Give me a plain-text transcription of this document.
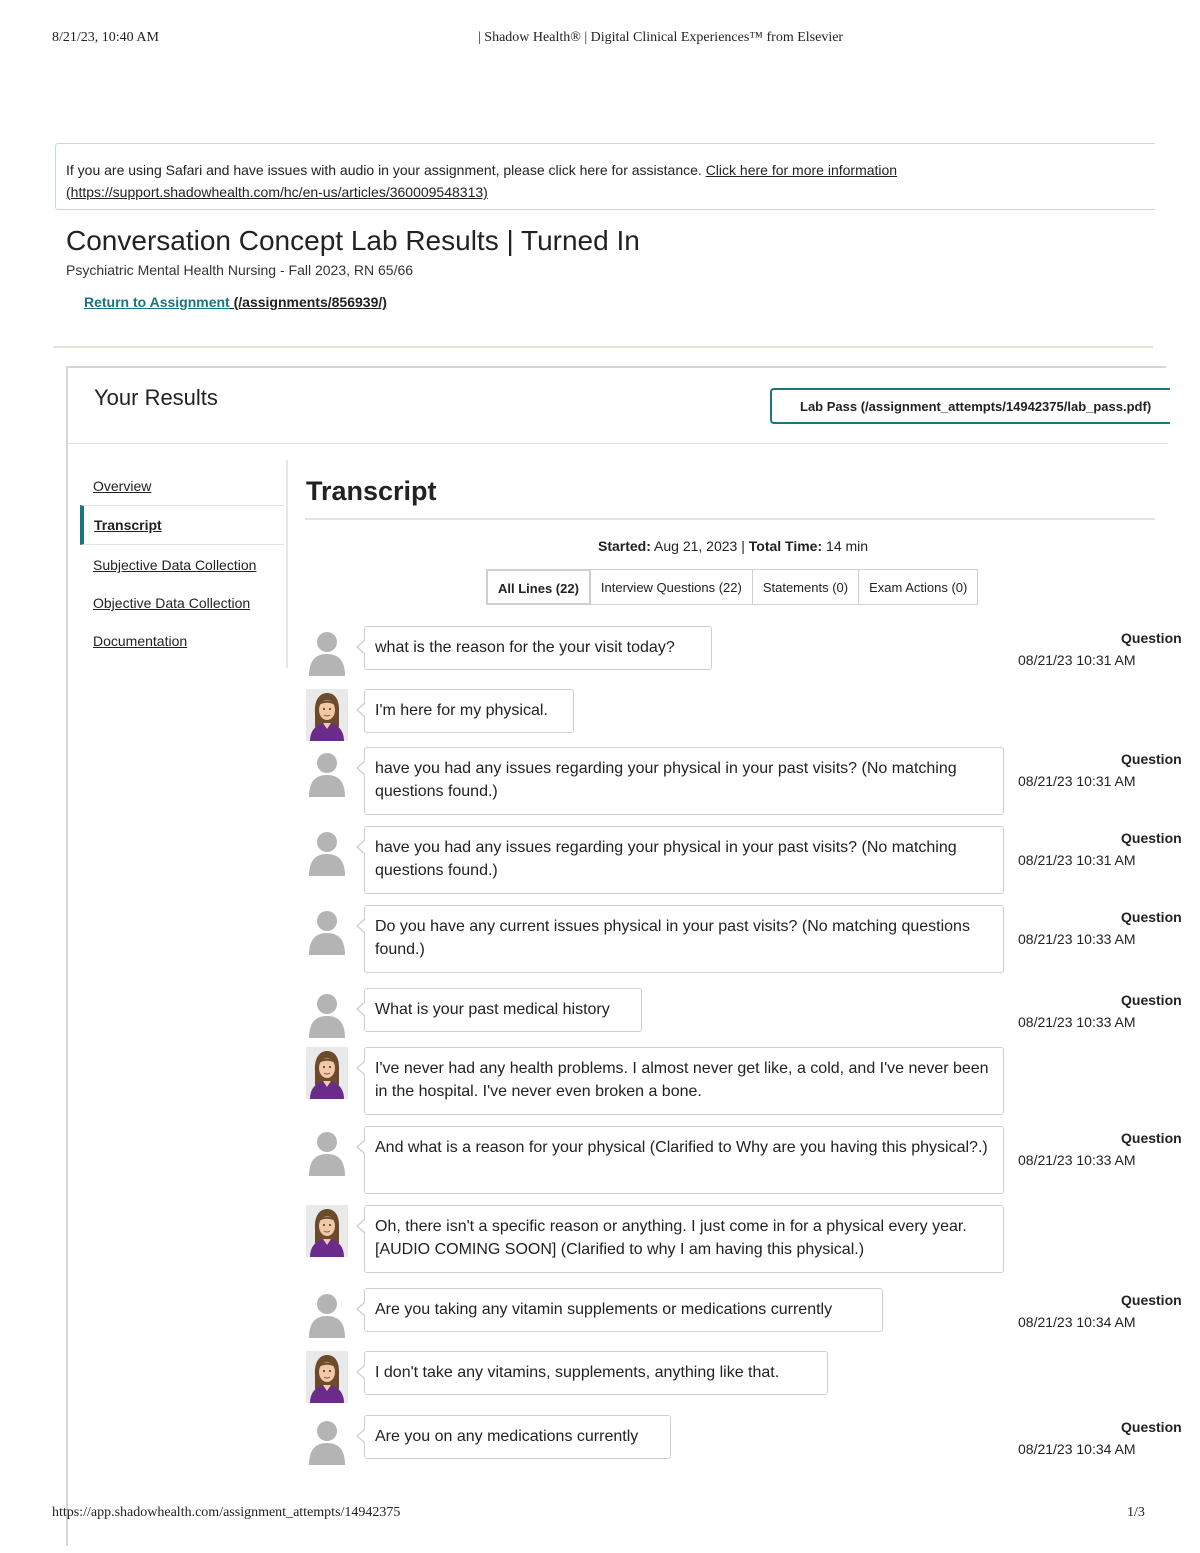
8/21/23, 10:40 AM	| Shadow Health® | Digital Clinical Experiences™ from Elsevier
If you are using Safari and have issues with audio in your assignment, please click here for assistance. Click here for more information
(https://support.shadowhealth.com/hc/en-us/articles/360009548313)
Conversation Concept Lab Results | Turned In
Psychiatric Mental Health Nursing - Fall 2023, RN 65/66
Return to Assignment (/assignments/856939/)
Your Results	Lab Pass (/assignment_attempts/14942375/lab_pass.pdf)
Overview
Transcript
Subjective Data Collection
Objective Data Collection
Documentation
Transcript
Started: Aug 21, 2023 | Total Time: 14 min
All Lines (22)	Interview Questions (22)	Statements (0)	Exam Actions (0)
what is the reason for the your visit today?
Question
08/21/23 10:31 AM
I'm here for my physical.
have you had any issues regarding your physical in your past visits? (No matching questions found.)
Question
08/21/23 10:31 AM
have you had any issues regarding your physical in your past visits? (No matching questions found.)
Question
08/21/23 10:31 AM
Do you have any current issues physical in your past visits? (No matching questions found.)
Question
08/21/23 10:33 AM
What is your past medical history
Question
08/21/23 10:33 AM
I've never had any health problems. I almost never get like, a cold, and I've never been in the hospital. I've never even broken a bone.
And what is a reason for your physical (Clarified to Why are you having this physical?.)
Question
08/21/23 10:33 AM
Oh, there isn't a specific reason or anything. I just come in for a physical every year. [AUDIO COMING SOON] (Clarified to why I am having this physical.)
Are you taking any vitamin supplements or medications currently
Question
08/21/23 10:34 AM
I don't take any vitamins, supplements, anything like that.
Are you on any medications currently
Question
08/21/23 10:34 AM
https://app.shadowhealth.com/assignment_attempts/14942375	1/3
